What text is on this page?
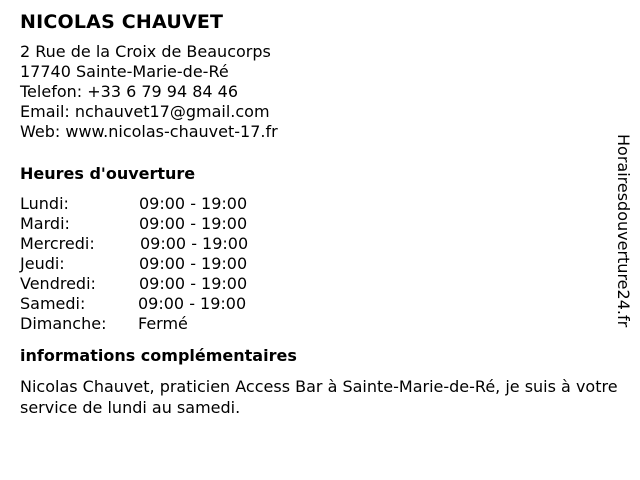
NICOLAS CHAUVET
2 Rue de la Croix de Beaucorps
17740 Sainte-Marie-de-Ré
Telefon: +33 6 79 94 84 46
Email: nchauvet17@gmail.com
Web: www.nicolas-chauvet-17.fr
Heures d'ouverture
Lundi:	09:00 - 19:00
Mardi:	09:00 - 19:00
Mercredi:	09:00 - 19:00
Jeudi:	09:00 - 19:00
Vendredi:	09:00 - 19:00
Samedi:	09:00 - 19:00
Dimanche:	Fermé
informations complémentaires
Nicolas Chauvet, praticien Access Bar à Sainte-Marie-de-Ré, je suis à votre service de lundi au samedi.
Horairesdouverture24.fr
